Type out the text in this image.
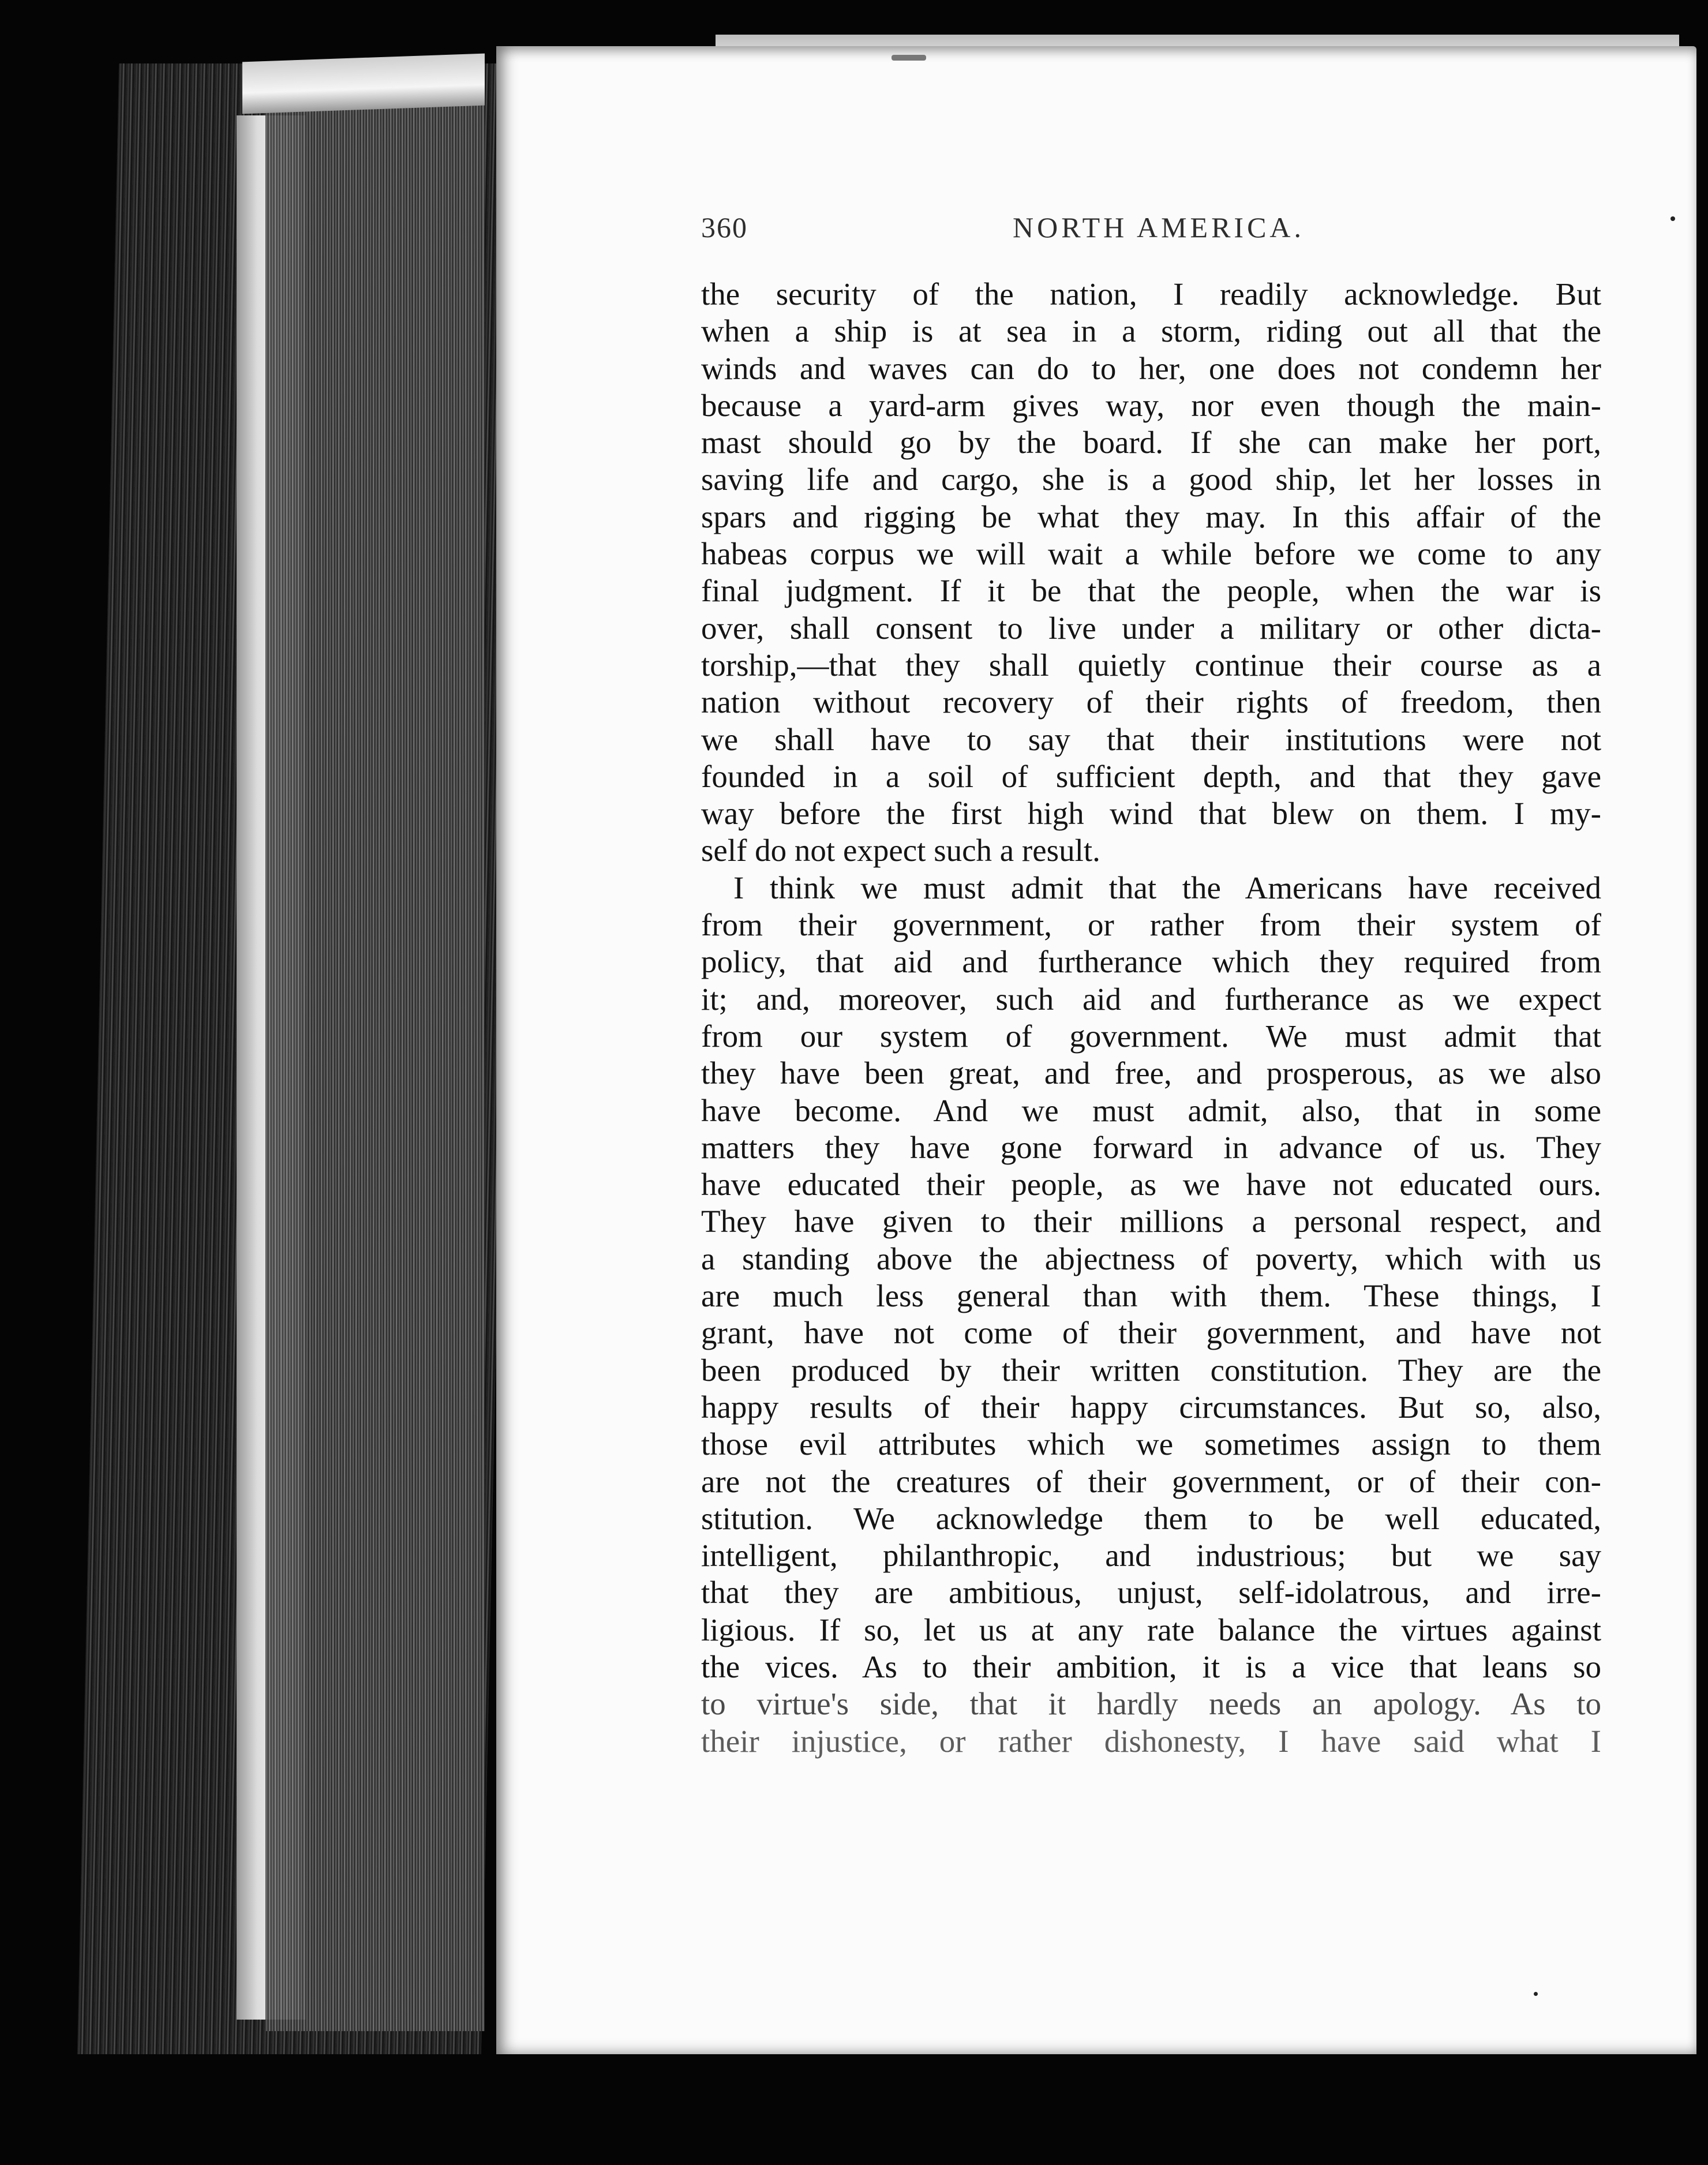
360	NORTH AMERICA.
the security of the nation, I readily acknowledge. But
when a ship is at sea in a storm, riding out all that the
winds and waves can do to her, one does not condemn her
because a yard-arm gives way, nor even though the main-
mast should go by the board. If she can make her port,
saving life and cargo, she is a good ship, let her losses in
spars and rigging be what they may. In this affair of the
habeas corpus we will wait a while before we come to any
final judgment. If it be that the people, when the war is
over, shall consent to live under a military or other dicta-
torship,—that they shall quietly continue their course as a
nation without recovery of their rights of freedom, then
we shall have to say that their institutions were not
founded in a soil of sufficient depth, and that they gave
way before the first high wind that blew on them. I my-
self do not expect such a result.
I think we must admit that the Americans have received
from their government, or rather from their system of
policy, that aid and furtherance which they required from
it; and, moreover, such aid and furtherance as we expect
from our system of government. We must admit that
they have been great, and free, and prosperous, as we also
have become. And we must admit, also, that in some
matters they have gone forward in advance of us. They
have educated their people, as we have not educated ours.
They have given to their millions a personal respect, and
a standing above the abjectness of poverty, which with us
are much less general than with them. These things, I
grant, have not come of their government, and have not
been produced by their written constitution. They are the
happy results of their happy circumstances. But so, also,
those evil attributes which we sometimes assign to them
are not the creatures of their government, or of their con-
stitution. We acknowledge them to be well educated,
intelligent, philanthropic, and industrious; but we say
that they are ambitious, unjust, self-idolatrous, and irre-
ligious. If so, let us at any rate balance the virtues against
the vices. As to their ambition, it is a vice that leans so
to virtue's side, that it hardly needs an apology. As to
their injustice, or rather dishonesty, I have said what I
